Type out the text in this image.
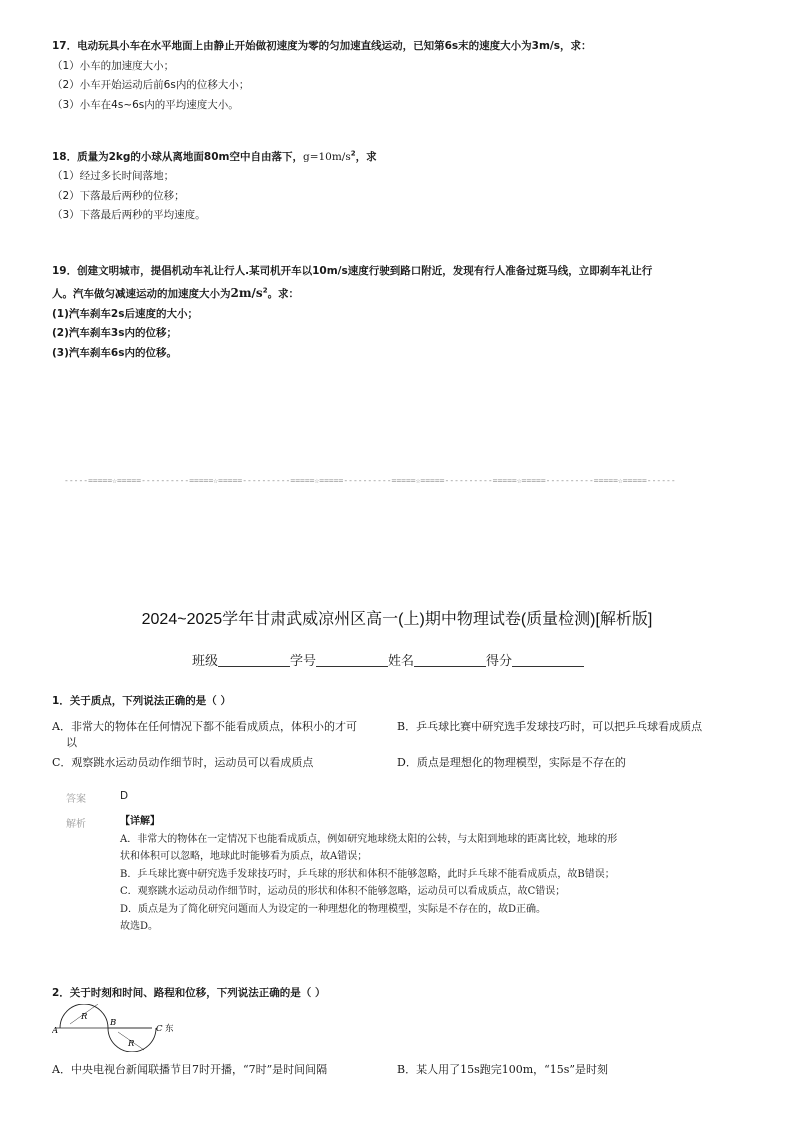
17．电动玩具小车在水平地面上由静止开始做初速度为零的匀加速直线运动，已知第6s末的速度大小为3m/s，求：
（1）小车的加速度大小；
（2）小车开始运动后前6s内的位移大小；
（3）小车在4s~6s内的平均速度大小。
18．质量为2kg的小球从离地面80m空中自由落下，$g=10m/s^2$，求
（1）经过多长时间落地；
（2）下落最后两秒的位移；
（3）下落最后两秒的平均速度。
19．创建文明城市，提倡机动车礼让行人.某司机开车以10m/s速度行驶到路口附近，发现有行人准备过斑马线，立即刹车礼让行
人。汽车做匀减速运动的加速度大小为$2m/s^2$。求：
(1)汽车刹车2s后速度的大小；
(2)汽车刹车3s内的位移；
(3)汽车刹车6s内的位移。
-----=====☆=====----------=====☆=====----------=====☆=====----------=====☆=====----------=====☆=====----------=====☆=====------
2024~2025学年甘肃武威凉州区高一(上)期中物理试卷(质量检测)[解析版]
班级	学号	姓名	得分
1．关于质点，下列说法正确的是（ ）
A．非常大的物体在任何情况下都不能看成质点，体积小的才可
以
B．乒乓球比赛中研究选手发球技巧时，可以把乒乓球看成质点
C．观察跳水运动员动作细节时，运动员可以看成质点	D．质点是理想化的物理模型，实际是不存在的
答案	D
解析	【详解】
A．非常大的物体在一定情况下也能看成质点，例如研究地球绕太阳的公转，与太阳到地球的距离比较，地球的形
状和体积可以忽略，地球此时能够看为质点，故A错误；
B．乒乓球比赛中研究选手发球技巧时，乒乓球的形状和体积不能够忽略，此时乒乓球不能看成质点，故B错误；
C．观察跳水运动员动作细节时，运动员的形状和体积不能够忽略，运动员可以看成质点，故C错误；
D．质点是为了简化研究问题而人为设定的一种理想化的物理模型，实际是不存在的，故D正确。
故选D。
2．关于时刻和时间、路程和位移，下列说法正确的是（ ）
A
B
C 东
R
R
A．中央电视台新闻联播节目7时开播，“7时”是时间间隔	B．某人用了15s跑完100m，“15s”是时刻
